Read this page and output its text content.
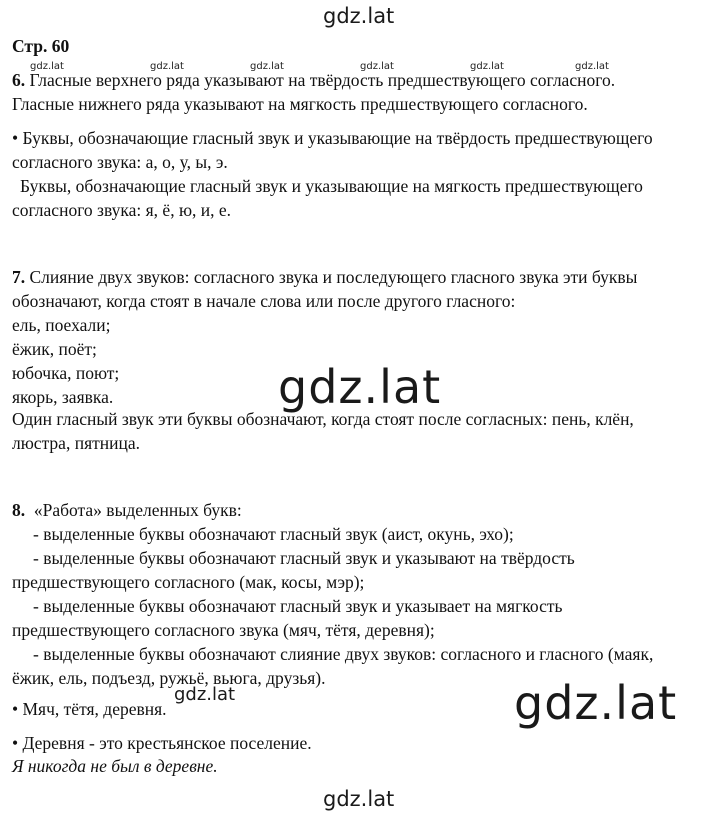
gdz.lat
gdz.lat	gdz.lat	gdz.lat	gdz.lat	gdz.lat	gdz.lat
Стр. 60
6. Гласные верхнего ряда указывают на твёрдость предшествующего согласного.
Гласные нижнего ряда указывают на мягкость предшествующего согласного.
• Буквы, обозначающие гласный звук и указывающие на твёрдость предшествующего
согласного звука: а, о, у, ы, э.
Буквы, обозначающие гласный звук и указывающие на мягкость предшествующего
согласного звука: я, ё, ю, и, е.
7. Слияние двух звуков: согласного звука и последующего гласного звука эти буквы
обозначают, когда стоят в начале слова или после другого гласного:
ель, поехали;
ёжик, поёт;
юбочка, поют;
якорь, заявка.
Один гласный звук эти буквы обозначают, когда стоят после согласных: пень, клён,
люстра, пятница.
gdz.lat
8. «Работа» выделенных букв:
- выделенные буквы обозначают гласный звук (аист, окунь, эхо);
- выделенные буквы обозначают гласный звук и указывают на твёрдость
предшествующего согласного (мак, косы, мэр);
- выделенные буквы обозначают гласный звук и указывает на мягкость
предшествующего согласного звука (мяч, тётя, деревня);
- выделенные буквы обозначают слияние двух звуков: согласного и гласного (маяк,
ёжик, ель, подъезд, ружьё, вьюга, друзья).
• Мяч, тётя, деревня.
• Деревня - это крестьянское поселение.
Я никогда не был в деревне.
gdz.lat	gdz.lat
gdz.lat
